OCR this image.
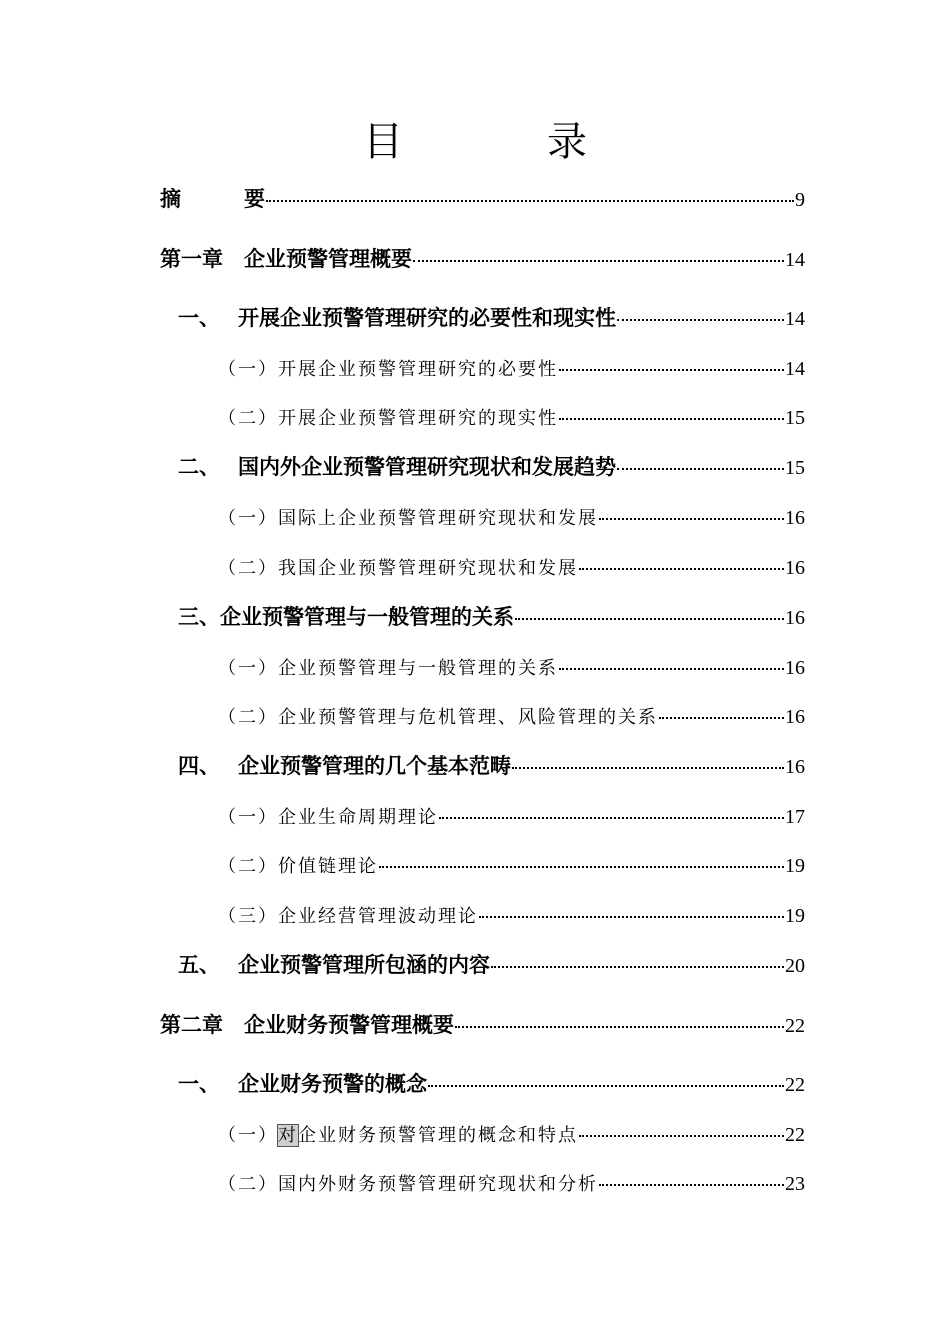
目　录
摘	要	9
第一章 企业预警管理概要	14
一、 开展企业预警管理研究的必要性和现实性	14
（一）开展企业预警管理研究的必要性	14
（二）开展企业预警管理研究的现实性	15
二、 国内外企业预警管理研究现状和发展趋势	15
（一）国际上企业预警管理研究现状和发展	16
（二）我国企业预警管理研究现状和发展	16
三、企业预警管理与一般管理的关系	16
（一）企业预警管理与一般管理的关系	16
（二）企业预警管理与危机管理、风险管理的关系	16
四、 企业预警管理的几个基本范畴	16
（一）企业生命周期理论	17
（二）价值链理论	19
（三）企业经营管理波动理论	19
五、 企业预警管理所包涵的内容	20
第二章 企业财务预警管理概要	22
一、 企业财务预警的概念	22
（一）对企业财务预警管理的概念和特点	22
（二）国内外财务预警管理研究现状和分析	23
